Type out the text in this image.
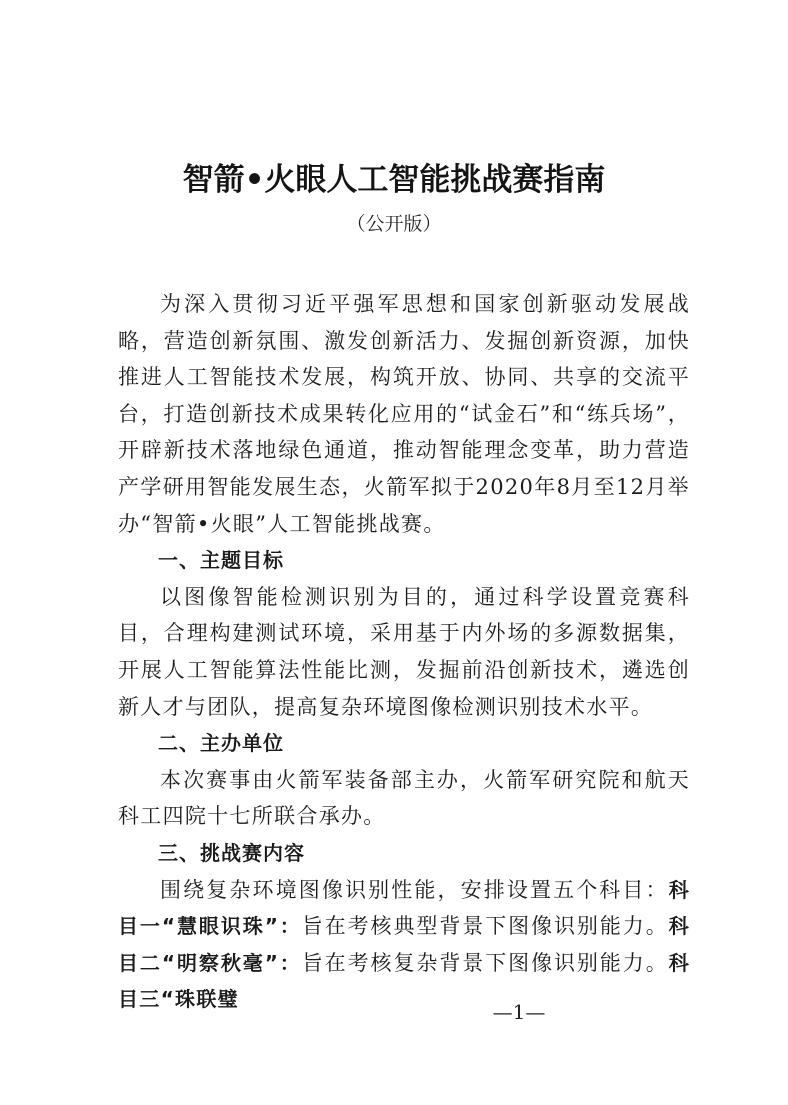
智箭•火眼人工智能挑战赛指南
（公开版）

为深入贯彻习近平强军思想和国家创新驱动发展战略，营造创新氛围、激发创新活力、发掘创新资源，加快推进人工智能技术发展，构筑开放、协同、共享的交流平台，打造创新技术成果转化应用的“试金石”和“练兵场”，开辟新技术落地绿色通道，推动智能理念变革，助力营造产学研用智能发展生态，火箭军拟于2020年8月至12月举办“智箭•火眼”人工智能挑战赛。

一、主题目标

以图像智能检测识别为目的，通过科学设置竞赛科目，合理构建测试环境，采用基于内外场的多源数据集，开展人工智能算法性能比测，发掘前沿创新技术，遴选创新人才与团队，提高复杂环境图像检测识别技术水平。

二、主办单位

本次赛事由火箭军装备部主办，火箭军研究院和航天科工四院十七所联合承办。

三、挑战赛内容

围绕复杂环境图像识别性能，安排设置五个科目：科目一“慧眼识珠”：旨在考核典型背景下图像识别能力。科目二“明察秋毫”：旨在考核复杂背景下图像识别能力。科目三“珠联璧

—1—
